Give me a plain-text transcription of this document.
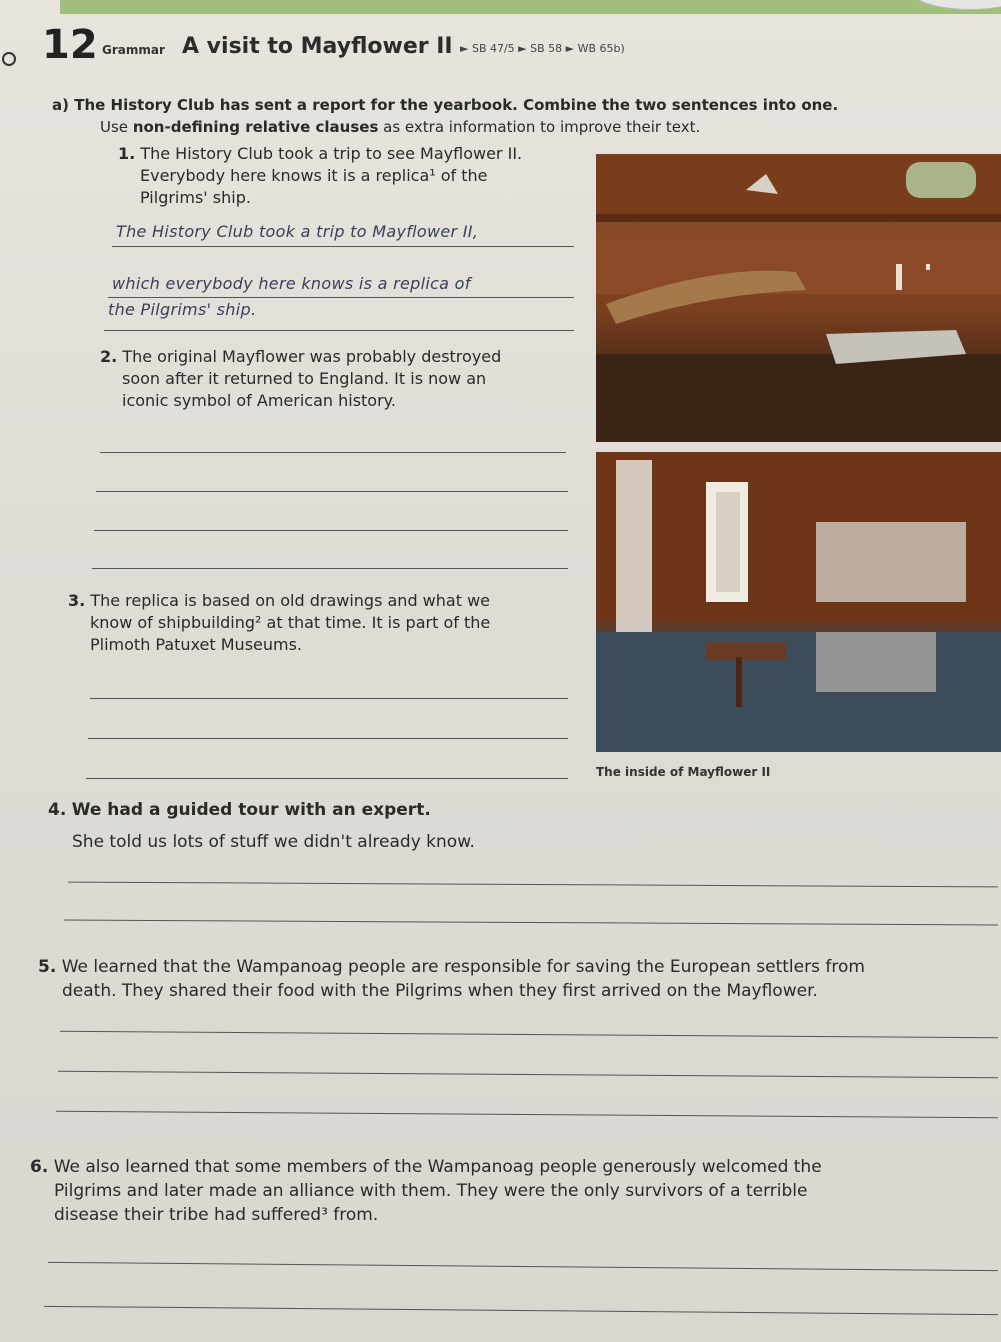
12 Grammar A visit to Mayflower II ► SB 47/5 ► SB 58 ► WB 65b)
a) The History Club has sent a report for the yearbook. Combine the two sentences into one.
Use non-defining relative clauses as extra information to improve their text.
1. The History Club took a trip to see Mayflower II.
Everybody here knows it is a replica¹ of the
Pilgrims' ship.
The History Club took a trip to Mayflower II,
which everybody here knows is a replica of
the Pilgrims' ship.
2. The original Mayflower was probably destroyed
soon after it returned to England. It is now an
iconic symbol of American history.
3. The replica is based on old drawings and what we
know of shipbuilding² at that time. It is part of the
Plimoth Patuxet Museums.
The inside of Mayflower II
4. We had a guided tour with an expert.
She told us lots of stuff we didn't already know.
5. We learned that the Wampanoag people are responsible for saving the European settlers from
death. They shared their food with the Pilgrims when they first arrived on the Mayflower.
6. We also learned that some members of the Wampanoag people generously welcomed the
Pilgrims and later made an alliance with them. They were the only survivors of a terrible
disease their tribe had suffered³ from.
